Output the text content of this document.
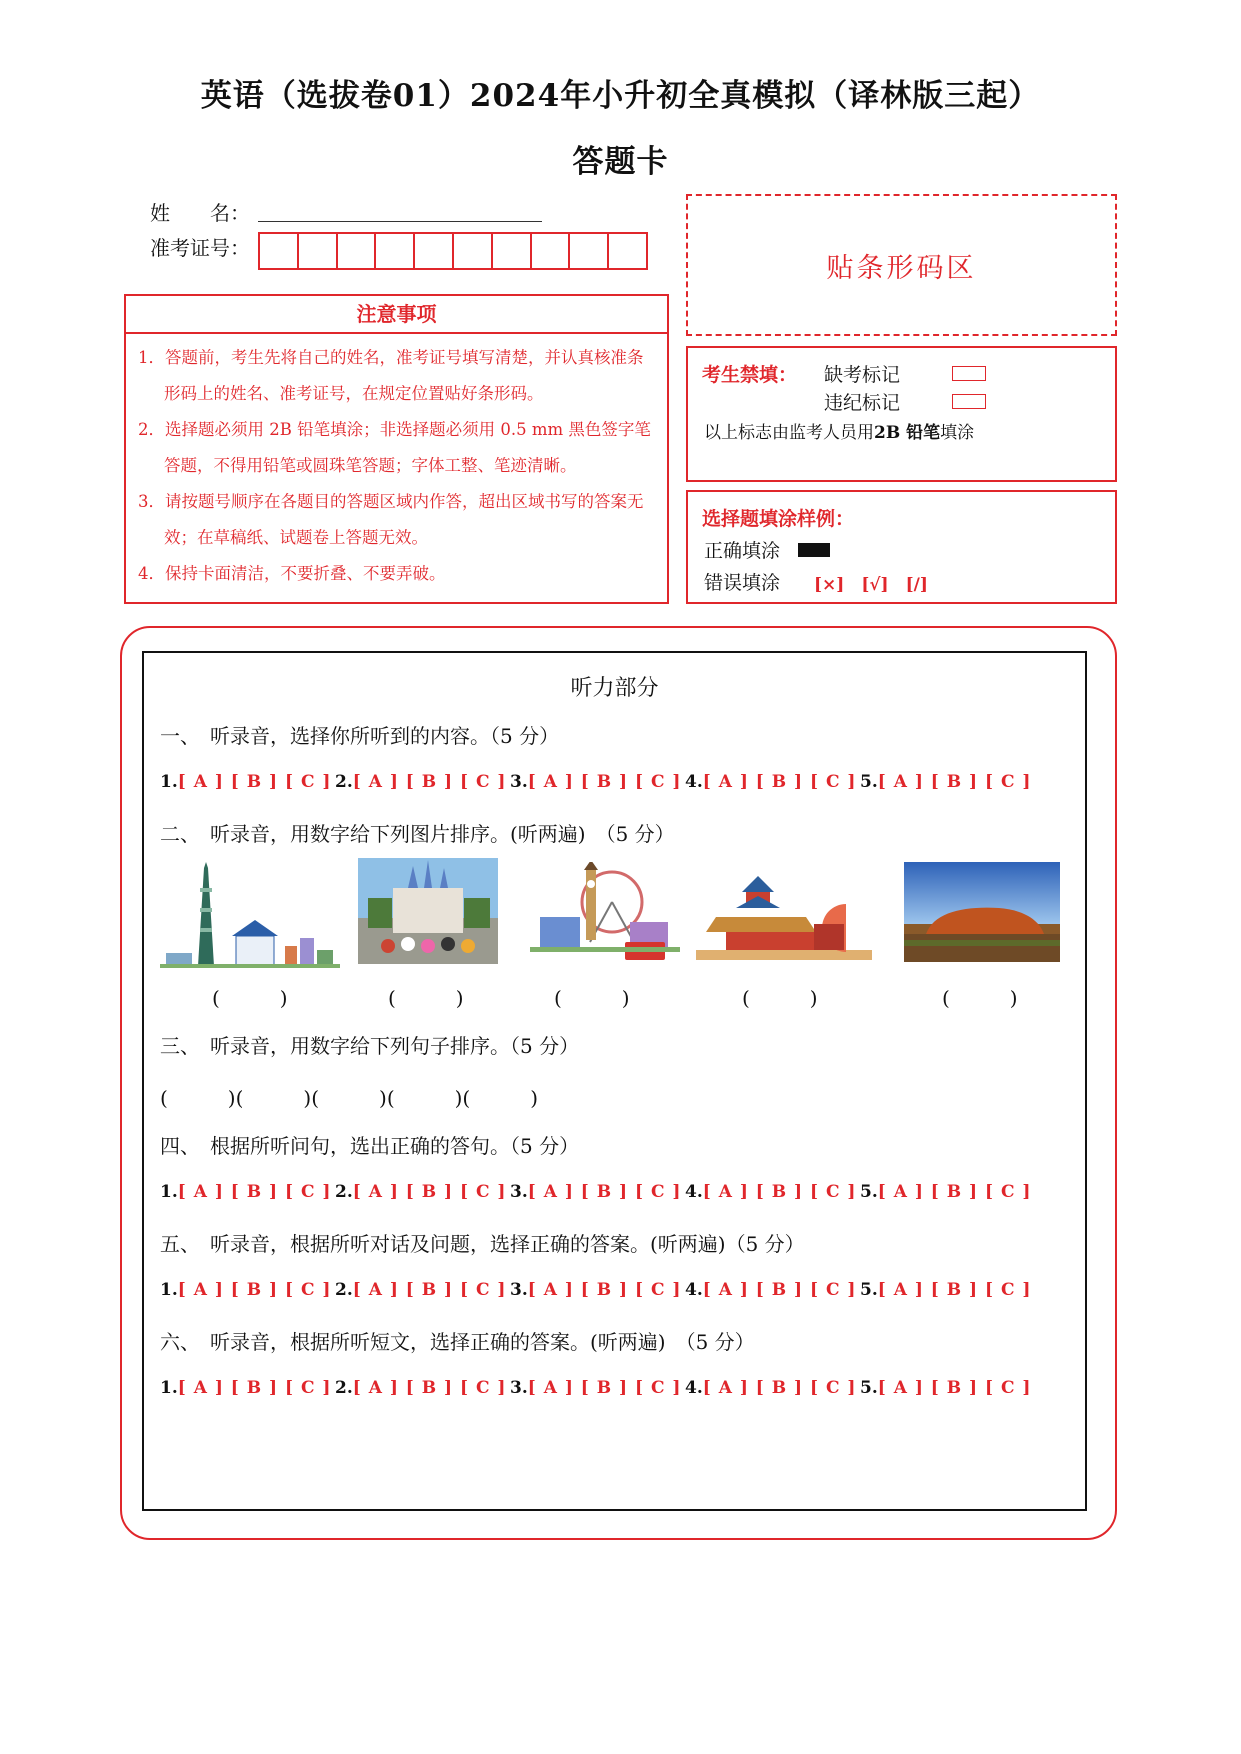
英语（选拔卷01）2024年小升初全真模拟（译林版三起）
答题卡
姓　　名：
准考证号：
注意事项
1．答题前，考生先将自己的姓名，准考证号填写清楚，并认真核准条形码上的姓名、准考证号，在规定位置贴好条形码。
2．选择题必须用 2B 铅笔填涂；非选择题必须用 0.5 mm 黑色签字笔答题，不得用铅笔或圆珠笔答题；字体工整、笔迹清晰。
3．请按题号顺序在各题目的答题区域内作答，超出区域书写的答案无效；在草稿纸、试题卷上答题无效。
4．保持卡面清洁，不要折叠、不要弄破。
贴条形码区
考生禁填： 缺考标记
违纪标记
以上标志由监考人员用2B 铅笔填涂
选择题填涂样例：
正确填涂
错误填涂 [×]　[√]　[/]
听力部分
一、　听录音，选择你所听到的内容。（5 分）
1.[ A ] [ B ] [ C ] 2.[ A ] [ B ] [ C ] 3.[ A ] [ B ] [ C ] 4.[ A ] [ B ] [ C ] 5.[ A ] [ B ] [ C ]
二、　听录音，用数字给下列图片排序。(听两遍)　（5 分）
(　　　)	(　　　)	(　　　)	(　　　)	(　　　)
三、　听录音，用数字给下列句子排序。（5 分）
(　　　)(　　　)(　　　)(　　　)(　　　)
四、　根据所听问句，选出正确的答句。（5 分）
1.[ A ] [ B ] [ C ] 2.[ A ] [ B ] [ C ] 3.[ A ] [ B ] [ C ] 4.[ A ] [ B ] [ C ] 5.[ A ] [ B ] [ C ]
五、　听录音，根据所听对话及问题，选择正确的答案。(听两遍)（5 分）
1.[ A ] [ B ] [ C ] 2.[ A ] [ B ] [ C ] 3.[ A ] [ B ] [ C ] 4.[ A ] [ B ] [ C ] 5.[ A ] [ B ] [ C ]
六、　听录音，根据所听短文，选择正确的答案。(听两遍)　（5 分）
1.[ A ] [ B ] [ C ] 2.[ A ] [ B ] [ C ] 3.[ A ] [ B ] [ C ] 4.[ A ] [ B ] [ C ] 5.[ A ] [ B ] [ C ]
